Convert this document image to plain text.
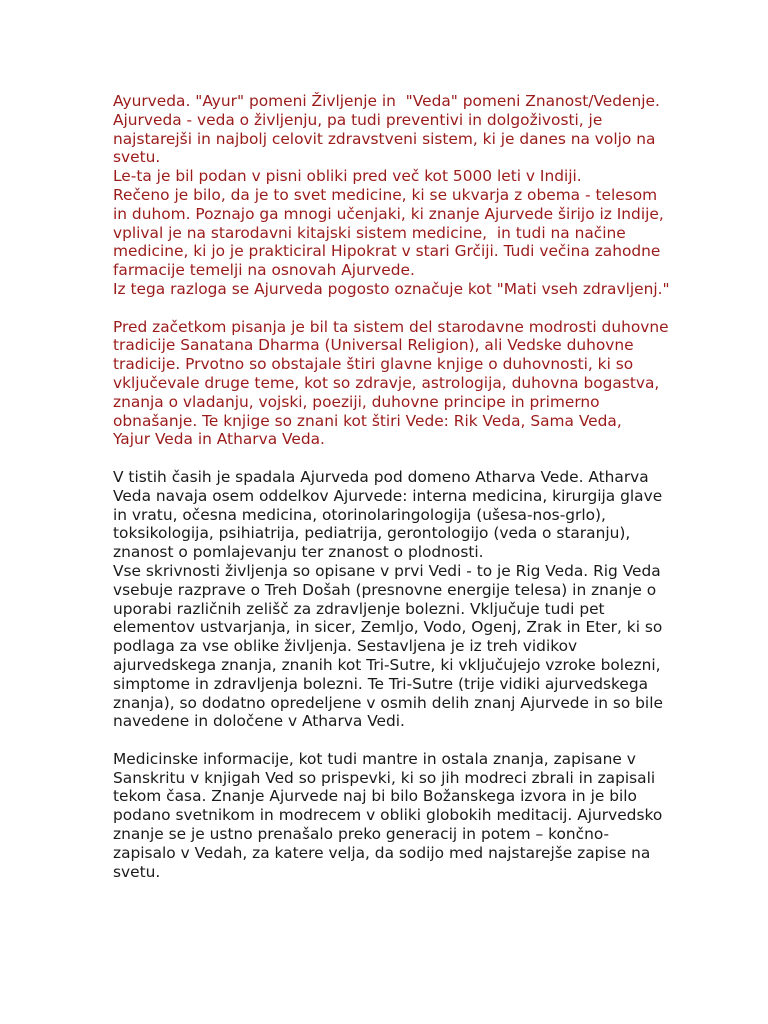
Ayurveda. "Ayur" pomeni Življenje in  "Veda" pomeni Znanost/Vedenje.
Ajurveda - veda o življenju, pa tudi preventivi in dolgoživosti, je
najstarejši in najbolj celovit zdravstveni sistem, ki je danes na voljo na
svetu.
Le-ta je bil podan v pisni obliki pred več kot 5000 leti v Indiji.
Rečeno je bilo, da je to svet medicine, ki se ukvarja z obema - telesom
in duhom. Poznajo ga mnogi učenjaki, ki znanje Ajurvede širijo iz Indije,
vplival je na starodavni kitajski sistem medicine,  in tudi na načine
medicine, ki jo je prakticiral Hipokrat v stari Grčiji. Tudi večina zahodne
farmacije temelji na osnovah Ajurvede.
Iz tega razloga se Ajurveda pogosto označuje kot "Mati vseh zdravljenj."
Pred začetkom pisanja je bil ta sistem del starodavne modrosti duhovne
tradicije Sanatana Dharma (Universal Religion), ali Vedske duhovne
tradicije. Prvotno so obstajale štiri glavne knjige o duhovnosti, ki so
vključevale druge teme, kot so zdravje, astrologija, duhovna bogastva,
znanja o vladanju, vojski, poeziji, duhovne principe in primerno
obnašanje. Te knjige so znani kot štiri Vede: Rik Veda, Sama Veda,
Yajur Veda in Atharva Veda.
V tistih časih je spadala Ajurveda pod domeno Atharva Vede. Atharva
Veda navaja osem oddelkov Ajurvede: interna medicina, kirurgija glave
in vratu, očesna medicina, otorinolaringologija (ušesa-nos-grlo),
toksikologija, psihiatrija, pediatrija, gerontologijo (veda o staranju),
znanost o pomlajevanju ter znanost o plodnosti.
Vse skrivnosti življenja so opisane v prvi Vedi - to je Rig Veda. Rig Veda
vsebuje razprave o Treh Došah (presnovne energije telesa) in znanje o
uporabi različnih zelišč za zdravljenje bolezni. Vključuje tudi pet
elementov ustvarjanja, in sicer, Zemljo, Vodo, Ogenj, Zrak in Eter, ki so
podlaga za vse oblike življenja. Sestavljena je iz treh vidikov
ajurvedskega znanja, znanih kot Tri-Sutre, ki vključujejo vzroke bolezni,
simptome in zdravljenja bolezni. Te Tri-Sutre (trije vidiki ajurvedskega
znanja), so dodatno opredeljene v osmih delih znanj Ajurvede in so bile
navedene in določene v Atharva Vedi.
Medicinske informacije, kot tudi mantre in ostala znanja, zapisane v
Sanskritu v knjigah Ved so prispevki, ki so jih modreci zbrali in zapisali
tekom časa. Znanje Ajurvede naj bi bilo Božanskega izvora in je bilo
podano svetnikom in modrecem v obliki globokih meditacij. Ajurvedsko
znanje se je ustno prenašalo preko generacij in potem – končno-
zapisalo v Vedah, za katere velja, da sodijo med najstarejše zapise na
svetu.
